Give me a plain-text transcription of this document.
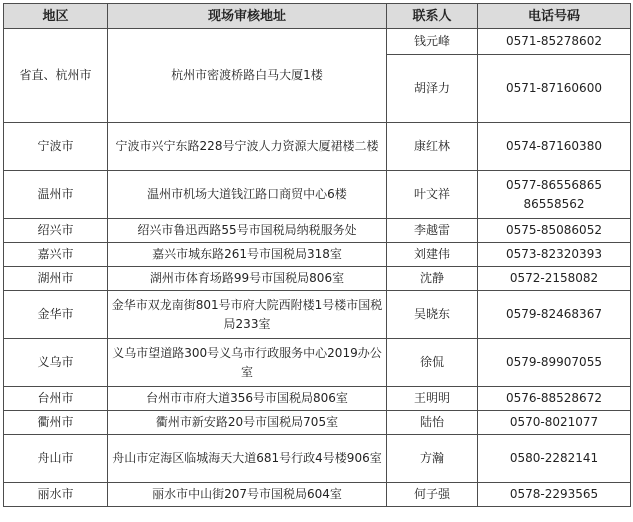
地区	现场审核地址	联系人	电话号码
省直、杭州市	杭州市密渡桥路白马大厦1楼	钱元峰	0571-85278602
		胡泽力	0571-87160600
宁波市	宁波市兴宁东路228号宁波人力资源大厦裙楼二楼	康红林	0574-87160380
温州市	温州市机场大道钱江路口商贸中心6楼	叶文祥	0577-86556865 86558562
绍兴市	绍兴市鲁迅西路55号市国税局纳税服务处	李越雷	0575-85086052
嘉兴市	嘉兴市城东路261号市国税局318室	刘建伟	0573-82320393
湖州市	湖州市体育场路99号市国税局806室	沈静	0572-2158082
金华市	金华市双龙南街801号市府大院西附楼1号楼市国税局233室	吴晓东	0579-82468367
义乌市	义乌市望道路300号义乌市行政服务中心2019办公室	徐侃	0579-89907055
台州市	台州市市府大道356号市国税局806室	王明明	0576-88528672
衢州市	衢州市新安路20号市国税局705室	陆怡	0570-8021077
舟山市	舟山市定海区临城海天大道681号行政4号楼906室	方瀚	0580-2282141
丽水市	丽水市中山街207号市国税局604室	何子强	0578-2293565
